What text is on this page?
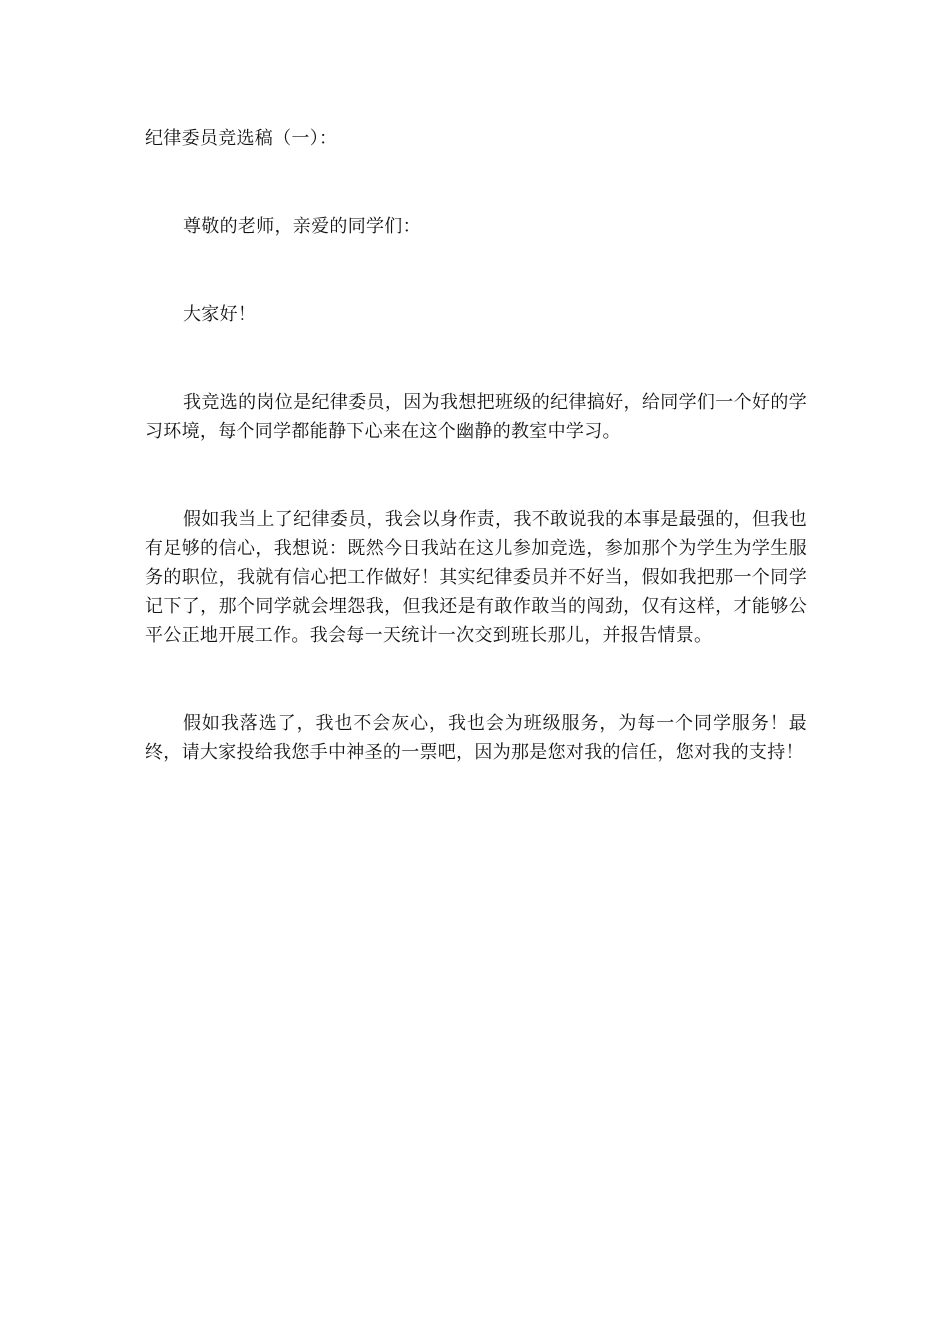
纪律委员竞选稿（一）：

尊敬的老师，亲爱的同学们：

大家好！

我竞选的岗位是纪律委员，因为我想把班级的纪律搞好，给同学们一个好的学习环境，每个同学都能静下心来在这个幽静的教室中学习。

假如我当上了纪律委员，我会以身作责，我不敢说我的本事是最强的，但我也有足够的信心，我想说：既然今日我站在这儿参加竞选，参加那个为学生为学生服务的职位，我就有信心把工作做好！其实纪律委员并不好当，假如我把那一个同学记下了，那个同学就会埋怨我，但我还是有敢作敢当的闯劲，仅有这样，才能够公平公正地开展工作。我会每一天统计一次交到班长那儿，并报告情景。

假如我落选了，我也不会灰心，我也会为班级服务，为每一个同学服务！最终，请大家投给我您手中神圣的一票吧，因为那是您对我的信任，您对我的支持！
